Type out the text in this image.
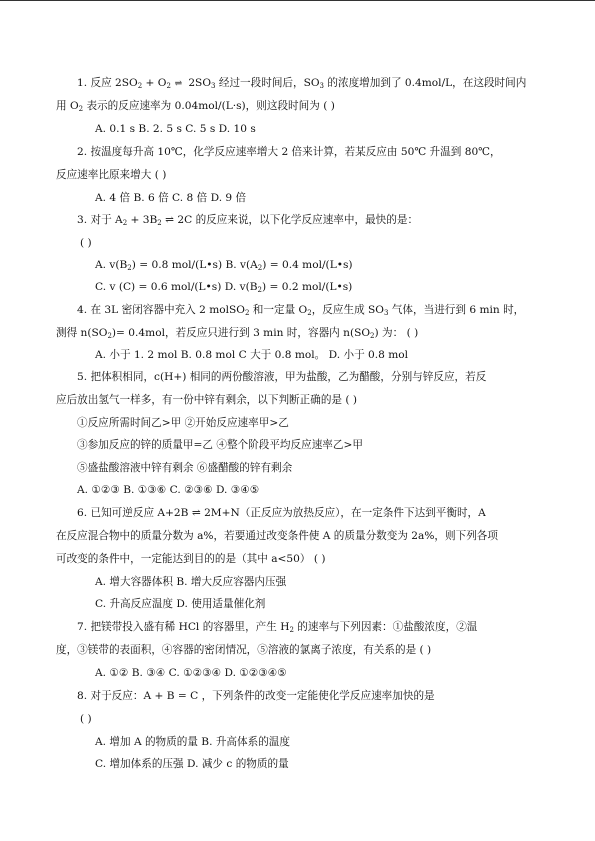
1. 反应 $2SO_2 + O_2$ ⇌ $2SO_3$ 经过一段时间后，$SO_3$ 的浓度增加到了 0.4mol/L，在这段时间内
用 $O_2$ 表示的反应速率为 0.04mol/(L·s)，则这段时间为 ( )
A. 0.1 s B. 2. 5 s C. 5 s D. 10 s
2. 按温度每升高 10℃，化学反应速率增大 2 倍来计算，若某反应由 50℃ 升温到 80℃，
反应速率比原来增大 ( )
A. 4 倍 B. 6 倍 C. 8 倍 D. 9 倍
3. 对于 $A_2 + 3B_2$ ⇌ 2C 的反应来说，以下化学反应速率中，最快的是：
( )
A. $v(B_2) = 0.8$ mol/(L•s) B. $v(A_2) = 0.4$ mol/(L•s)
C. v (C) = 0.6 mol/(L•s) D. $v(B_2) = 0.2$ mol/(L•s)
4. 在 3L 密闭容器中充入 2 molSO$_2$ 和一定量 $O_2$，反应生成 $SO_3$ 气体，当进行到 6 min 时，
测得 $n(SO_2)= 0.4mol$，若反应只进行到 3 min 时，容器内 $n(SO_2)$ 为： ( )
A. 小于 1. 2 mol B. 0.8 mol C 大于 0.8 mol。 D. 小于 0.8 mol
5. 把体积相同，c(H+) 相同的两份酸溶液，甲为盐酸，乙为醋酸，分别与锌反应，若反
应后放出氢气一样多，有一份中锌有剩余，以下判断正确的是 ( )
①反应所需时间乙>甲 ②开始反应速率甲>乙
③参加反应的锌的质量甲=乙 ④整个阶段平均反应速率乙>甲
⑤盛盐酸溶液中锌有剩余 ⑥盛醋酸的锌有剩余
A. ①②③ B. ①③⑥ C. ②③⑥ D. ③④⑤
6. 已知可逆反应 A+2B ⇌ 2M+N（正反应为放热反应），在一定条件下达到平衡时，A
在反应混合物中的质量分数为 a%，若要通过改变条件使 A 的质量分数变为 2a%，则下列各项
可改变的条件中，一定能达到目的的是（其中 a<50） ( )
A. 增大容器体积 B. 增大反应容器内压强
C. 升高反应温度 D. 使用适量催化剂
7. 把镁带投入盛有稀 HCl 的容器里，产生 $H_2$ 的速率与下列因素：①盐酸浓度，②温
度，③镁带的表面积，④容器的密闭情况，⑤溶液的氯离子浓度，有关系的是 ( )
A. ①② B. ③④ C. ①②③④ D. ①②③④⑤
8. 对于反应：A + B = C ，下列条件的改变一定能使化学反应速率加快的是
( )
A. 增加 A 的物质的量 B. 升高体系的温度
C. 增加体系的压强 D. 减少 c 的物质的量
